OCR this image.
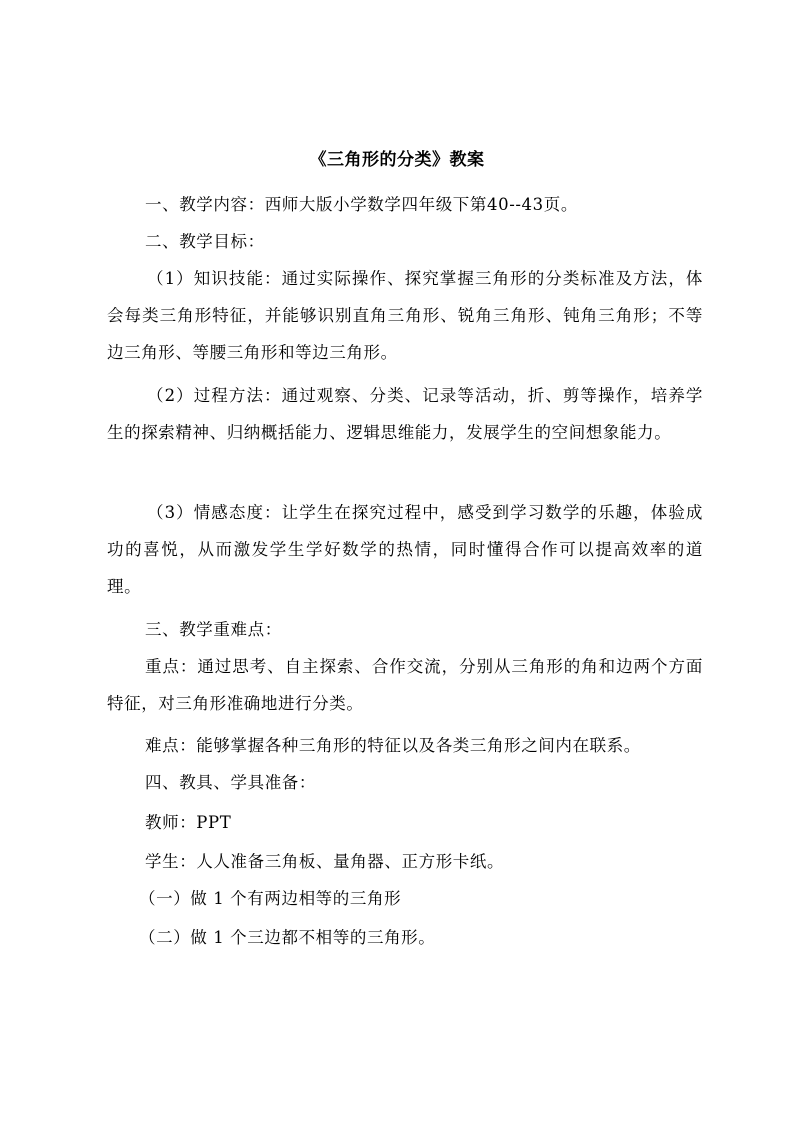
《三角形的分类》教案
一、教学内容：西师大版小学数学四年级下第40--43页。
二、教学目标：
（1）知识技能：通过实际操作、探究掌握三角形的分类标准及方法，体会每类三角形特征，并能够识别直角三角形、锐角三角形、钝角三角形；不等边三角形、等腰三角形和等边三角形。
（2）过程方法：通过观察、分类、记录等活动，折、剪等操作，培养学生的探索精神、归纳概括能力、逻辑思维能力，发展学生的空间想象能力。
（3）情感态度：让学生在探究过程中，感受到学习数学的乐趣，体验成功的喜悦，从而激发学生学好数学的热情，同时懂得合作可以提高效率的道理。
三、教学重难点：
重点：通过思考、自主探索、合作交流，分别从三角形的角和边两个方面特征，对三角形准确地进行分类。
难点：能够掌握各种三角形的特征以及各类三角形之间内在联系。
四、教具、学具准备：
教师：PPT
学生：人人准备三角板、量角器、正方形卡纸。
（一）做 1 个有两边相等的三角形
（二）做 1 个三边都不相等的三角形。
